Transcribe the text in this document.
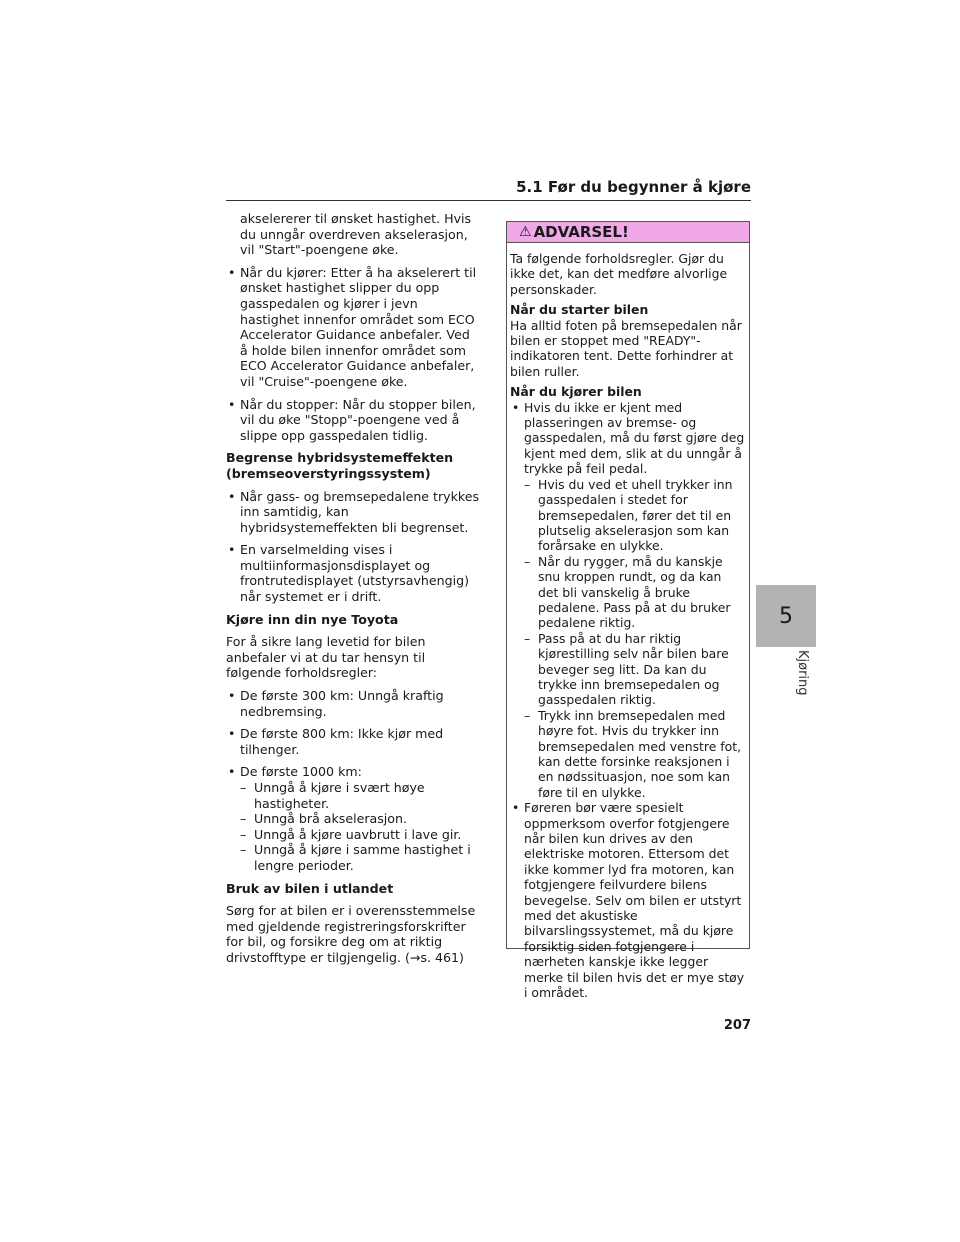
5.1 Før du begynner å kjøre
5
Kjøring

akselererer til ønsket hastighet. Hvis du unngår overdreven akselerasjon, vil "Start"-poengene øke.

• Når du kjører: Etter å ha akselerert til ønsket hastighet slipper du opp gasspedalen og kjører i jevn hastighet innenfor området som ECO Accelerator Guidance anbefaler. Ved å holde bilen innenfor området som ECO Accelerator Guidance anbefaler, vil "Cruise"-poengene øke.
• Når du stopper: Når du stopper bilen, vil du øke "Stopp"-poengene ved å slippe opp gasspedalen tidlig.
Begrense hybridsystemeffekten (bremseoverstyringssystem)
• Når gass- og bremsepedalene trykkes inn samtidig, kan hybridsystemeffekten bli begrenset.
• En varselmelding vises i multiinformasjonsdisplayet og frontrutedisplayet (utstyrsavhengig) når systemet er i drift.
Kjøre inn din nye Toyota

For å sikre lang levetid for bilen anbefaler vi at du tar hensyn til følgende forholdsregler:

• De første 300 km: Unngå kraftig nedbremsing.
• De første 800 km: Ikke kjør med tilhenger.
• De første 1000 km:
– Unngå å kjøre i svært høye hastigheter.
– Unngå brå akselerasjon.
– Unngå å kjøre uavbrutt i lave gir.
– Unngå å kjøre i samme hastighet i lengre perioder.
Bruk av bilen i utlandet

Sørg for at bilen er i overensstemmelse med gjeldende registreringsforskrifter for bil, og forsikre deg om at riktig drivstofftype er tilgjengelig. (→s. 461)

⚠ ADVARSEL!

Ta følgende forholdsregler. Gjør du ikke det, kan det medføre alvorlige personskader.

Når du starter bilen

Ha alltid foten på bremsepedalen når bilen er stoppet med "READY"-indikatoren tent. Dette forhindrer at bilen ruller.

Når du kjører bilen
• Hvis du ikke er kjent med plasseringen av bremse- og gasspedalen, må du først gjøre deg kjent med dem, slik at du unngår å trykke på feil pedal.
– Hvis du ved et uhell trykker inn gasspedalen i stedet for bremsepedalen, fører det til en plutselig akselerasjon som kan forårsake en ulykke.
– Når du rygger, må du kanskje snu kroppen rundt, og da kan det bli vanskelig å bruke pedalene. Pass på at du bruker pedalene riktig.
– Pass på at du har riktig kjørestilling selv når bilen bare beveger seg litt. Da kan du trykke inn bremsepedalen og gasspedalen riktig.
– Trykk inn bremsepedalen med høyre fot. Hvis du trykker inn bremsepedalen med venstre fot, kan dette forsinke reaksjonen i en nødssituasjon, noe som kan føre til en ulykke.
• Føreren bør være spesielt oppmerksom overfor fotgjengere når bilen kun drives av den elektriske motoren. Ettersom det ikke kommer lyd fra motoren, kan fotgjengere feilvurdere bilens bevegelse. Selv om bilen er utstyrt med det akustiske bilvarslingssystemet, må du kjøre forsiktig siden fotgjengere i nærheten kanskje ikke legger merke til bilen hvis det er mye støy i området.
207
